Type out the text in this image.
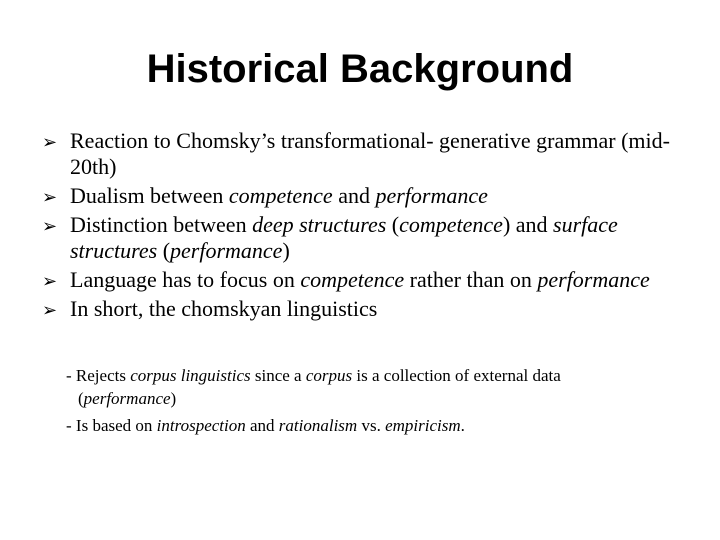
Historical Background
➢ Reaction to Chomsky’s transformational- generative grammar (mid-20th)
➢ Dualism between competence and performance
➢ Distinction between deep structures (competence) and surface structures (performance)
➢ Language has to focus on competence rather than on performance
➢ In short, the chomskyan linguistics
- Rejects corpus linguistics since a corpus is a collection of external data
(performance)
- Is based on introspection and rationalism vs. empiricism.
